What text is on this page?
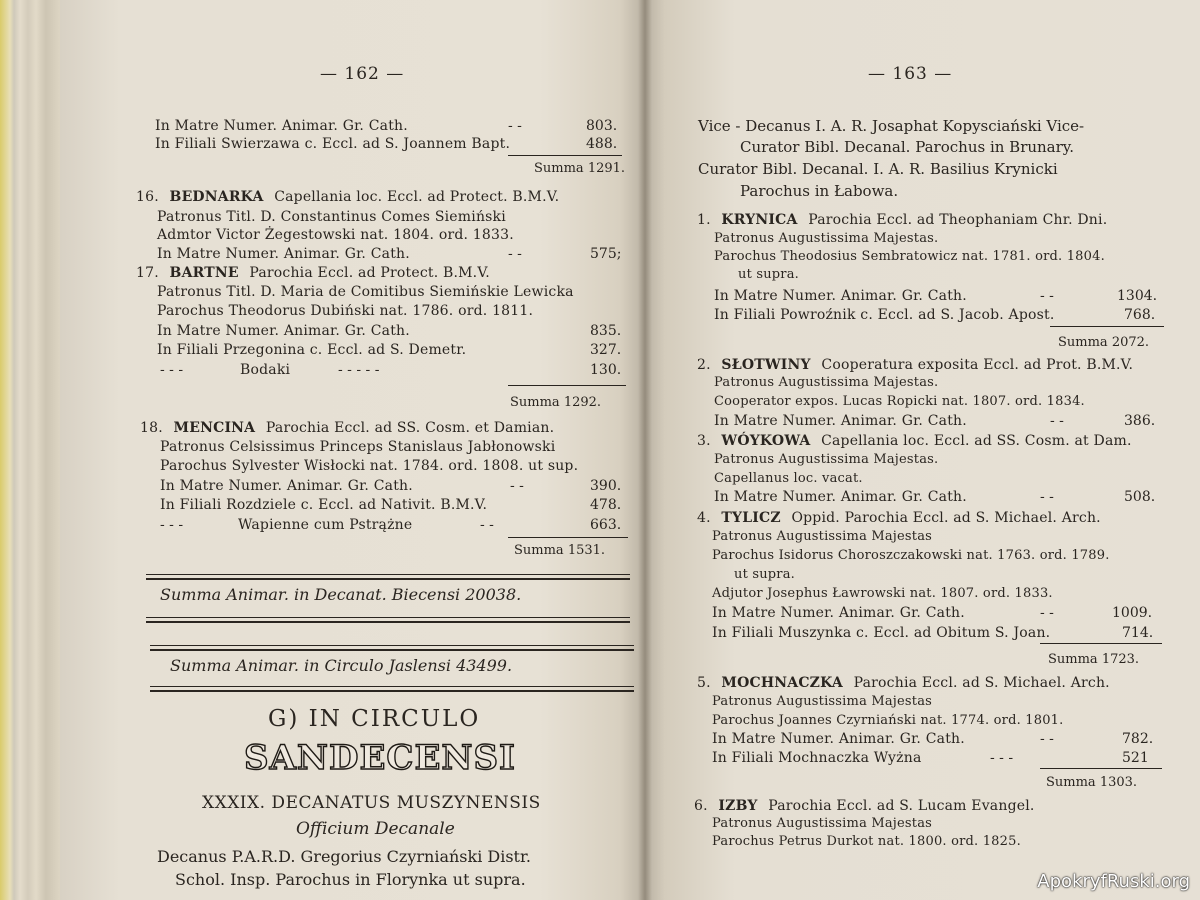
— 162 —
In Matre Numer. Animar. Gr. Cath.	- -	803.
In Filiali Swierzawa c. Eccl. ad S. Joannem Bapt.	488.
Summa 1291.
16. BEDNARKA Capellania loc. Eccl. ad Protect. B.M.V.
Patronus Titl. D. Constantinus Comes Siemiński
Admtor Victor Żegestowski nat. 1804. ord. 1833.
In Matre Numer. Animar. Gr. Cath.	- -	575;
17. BARTNE Parochia Eccl. ad Protect. B.M.V.
Patronus Titl. D. Maria de Comitibus Siemińskie Lewicka
Parochus Theodorus Dubiński nat. 1786. ord. 1811.
In Matre Numer. Animar. Gr. Cath.	835.
In Filiali Przegonina c. Eccl. ad S. Demetr.	327.
- - -	Bodaki	- - - - -	130.
Summa 1292.
18. MENCINA Parochia Eccl. ad SS. Cosm. et Damian.
Patronus Celsissimus Princeps Stanislaus Jabłonowski
Parochus Sylvester Wisłocki nat. 1784. ord. 1808. ut sup.
In Matre Numer. Animar. Gr. Cath.	- -	390.
In Filiali Rozdziele c. Eccl. ad Nativit. B.M.V.	478.
- - -	Wapienne cum Pstrążne	- -	663.
Summa 1531.
Summa Animar. in Decanat. Biecensi 20038.
Summa Animar. in Circulo Jaslensi 43499.
G) IN CIRCULO
SANDECENSI
XXXIX. DECANATUS MUSZYNENSIS
Officium Decanale
Decanus P.A.R.D. Gregorius Czyrniański Distr.
Schol. Insp. Parochus in Florynka ut supra.
— 163 —
Vice - Decanus I. A. R. Josaphat Kopysciański Vice-
Curator Bibl. Decanal. Parochus in Brunary.
Curator Bibl. Decanal. I. A. R. Basilius Krynicki
Parochus in Łabowa.
1. KRYNICA Parochia Eccl. ad Theophaniam Chr. Dni.
Patronus Augustissima Majestas.
Parochus Theodosius Sembratowicz nat. 1781. ord. 1804.
ut supra.
In Matre Numer. Animar. Gr. Cath.	- -	1304.
In Filiali Powroźnik c. Eccl. ad S. Jacob. Apost.	768.
Summa 2072.
2. SŁOTWINY Cooperatura exposita Eccl. ad Prot. B.M.V.
Patronus Augustissima Majestas.
Cooperator expos. Lucas Ropicki nat. 1807. ord. 1834.
In Matre Numer. Animar. Gr. Cath.	- -	386.
3. WÓYKOWA Capellania loc. Eccl. ad SS. Cosm. at Dam.
Patronus Augustissima Majestas.
Capellanus loc. vacat.
In Matre Numer. Animar. Gr. Cath.	- -	508.
4. TYLICZ Oppid. Parochia Eccl. ad S. Michael. Arch.
Patronus Augustissima Majestas
Parochus Isidorus Choroszczakowski nat. 1763. ord. 1789.
ut supra.
Adjutor Josephus Ławrowski nat. 1807. ord. 1833.
In Matre Numer. Animar. Gr. Cath.	- -	1009.
In Filiali Muszynka c. Eccl. ad Obitum S. Joan.	714.
Summa 1723.
5. MOCHNACZKA Parochia Eccl. ad S. Michael. Arch.
Patronus Augustissima Majestas
Parochus Joannes Czyrniański nat. 1774. ord. 1801.
In Matre Numer. Animar. Gr. Cath.	- -	782.
In Filiali Mochnaczka Wyżna	- - -	521
Summa 1303.
6. IZBY Parochia Eccl. ad S. Lucam Evangel.
Patronus Augustissima Majestas
Parochus Petrus Durkot nat. 1800. ord. 1825.
ApokryfRuski.org
